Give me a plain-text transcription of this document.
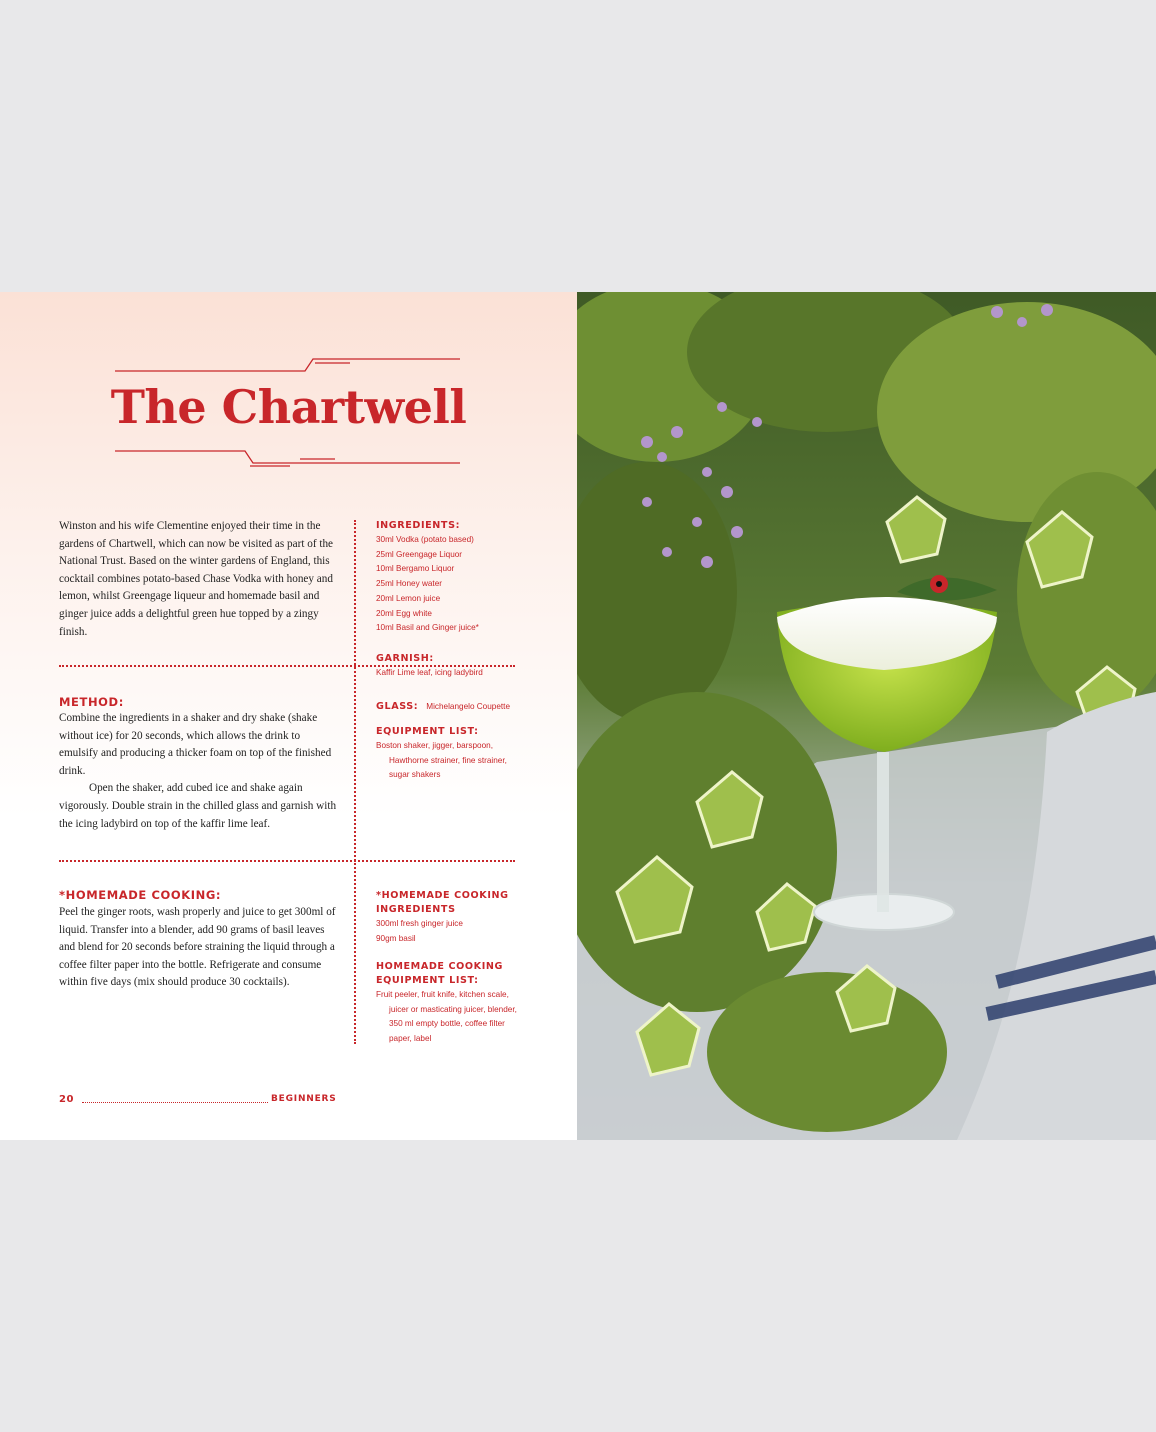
The Chartwell
Winston and his wife Clementine enjoyed their time in the gardens of Chartwell, which can now be visited as part of the National Trust. Based on the winter gardens of England, this cocktail combines potato-based Chase Vodka with honey and lemon, whilst Greengage liqueur and homemade basil and ginger juice adds a delightful green hue topped by a zingy finish.
METHOD:

Combine the ingredients in a shaker and dry shake (shake without ice) for 20 seconds, which allows the drink to emulsify and producing a thicker foam on top of the finished drink.

Open the shaker, add cubed ice and shake again vigorously. Double strain in the chilled glass and garnish with the icing ladybird on top of the kaffir lime leaf.

*HOMEMADE COOKING:
Peel the ginger roots, wash properly and juice to get 300ml of liquid. Transfer into a blender, add 90 grams of basil leaves and blend for 20 seconds before straining the liquid through a coffee filter paper into the bottle. Refrigerate and consume within five days (mix should produce 30 cocktails).
INGREDIENTS:
30ml Vodka (potato based)
25ml Greengage Liquor
10ml Bergamo Liquor
25ml Honey water
20ml Lemon juice
20ml Egg white
10ml Basil and Ginger juice*
GARNISH:
Kaffir Lime leaf, icing ladybird
GLASS: Michelangelo Coupette
EQUIPMENT LIST:
Boston shaker, jigger, barspoon, Hawthorne strainer, fine strainer, sugar shakers
*HOMEMADE COOKING
INGREDIENTS
300ml fresh ginger juice
90gm basil
HOMEMADE COOKING
EQUIPMENT LIST:
Fruit peeler, fruit knife, kitchen scale, juicer or masticating juicer, blender, 350 ml empty bottle, coffee filter paper, label
20	BEGINNERS
